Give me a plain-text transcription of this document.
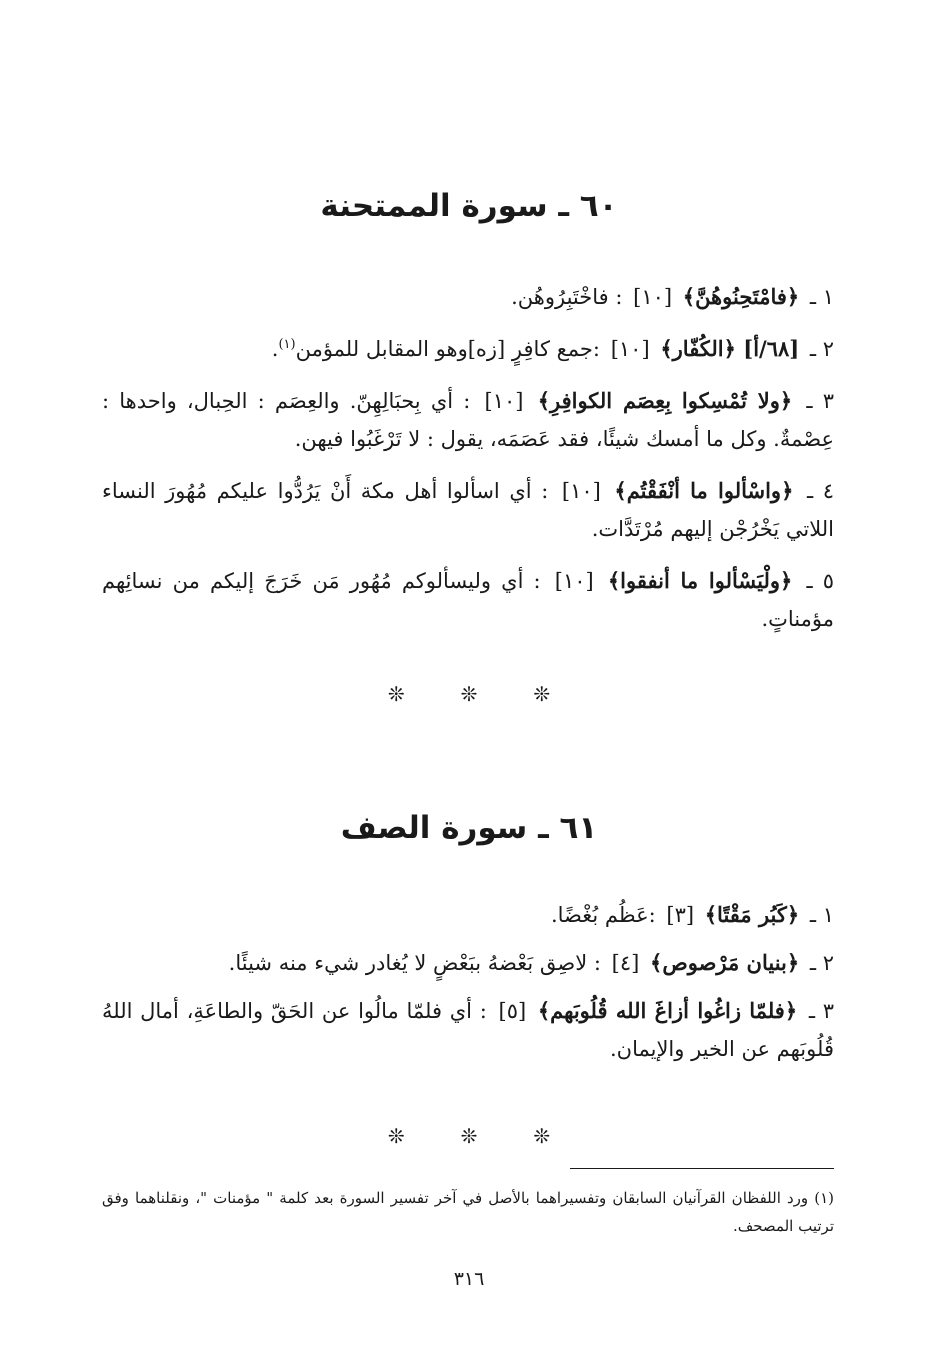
٦٠ ـ سورة الممتحنة
١ ـ ﴿فامْتَحِنُوهُنَّ﴾ [١٠] : فاخْتَبِرُوهُن.
٢ ـ [٦٨/أ] ﴿الكُفّار﴾ [١٠] :جمع كافِرٍ [زه]وهو المقابل للمؤمن$^{(١)}$.
٣ ـ ﴿ولا تُمْسِكوا بِعِصَم الكوافِرِ﴾ [١٠] : أي بِحبَالِهِنّ. والعِصَم : الحِبال، واحدها : عِصْمةٌ. وكل ما أمسك شيئًا، فقد عَصَمَه، يقول : لا تَرْغَبُوا فيهن.
٤ ـ ﴿واسْألوا ما أنْفَقْتُم﴾ [١٠] : أي اسألوا أهل مكة أَنْ يَرُدُّوا عليكم مُهُورَ النساء اللاتي يَخْرُجْن إليهم مُرْتَدَّات.
٥ ـ ﴿ولْيَسْألوا ما أنفقوا﴾ [١٠] : أي وليسألوكم مُهُور مَن خَرَجَ إليكم من نسائِهم مؤمناتٍ.
❊	❊	❊
٦١ ـ سورة الصف
١ ـ ﴿كَبُر مَقْتًا﴾ [٣] :عَظُم بُغْضًا.
٢ ـ ﴿بنيان مَرْصوص﴾ [٤] : لاصِق بَعْضهُ ببَعْضٍ لا يُغادر شيء منه شيئًا.
٣ ـ ﴿فلمّا زاغُوا أزاغَ الله قُلُوبَهم﴾ [٥] : أي فلمّا مالُوا عن الحَقّ والطاعَةِ، أمال اللهُ قُلُوبَهم عن الخير والإيمان.
❊	❊	❊

(١) ورد اللفظان القرآنيان السابقان وتفسيراهما بالأصل في آخر تفسير السورة بعد كلمة " مؤمنات "، ونقلناهما وفق ترتيب المصحف.

٣١٦
